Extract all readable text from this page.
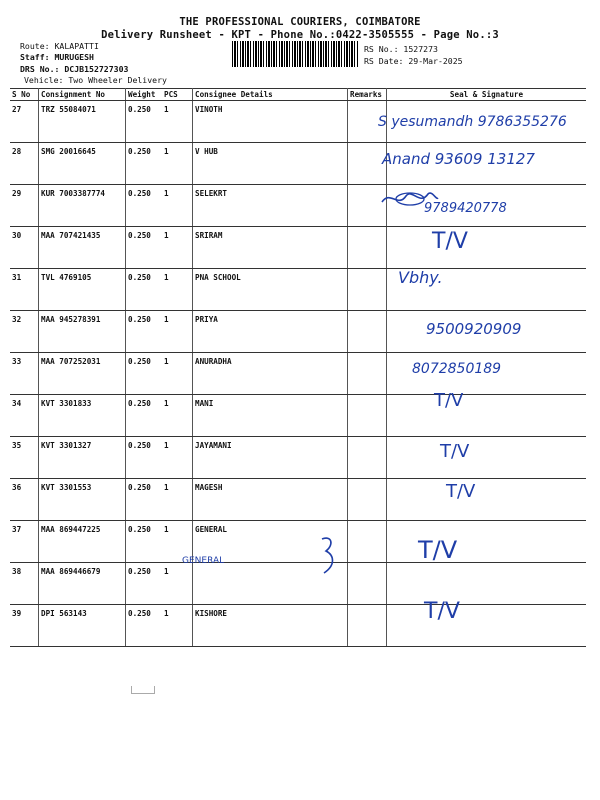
THE PROFESSIONAL COURIERS, COIMBATORE
Delivery Runsheet - KPT - Phone No.:0422-3505555 - Page No.:3
Route: KALAPATTI
Staff: MURUGESH
DRS No.: DCJB152727303
Vehicle: Two Wheeler Delivery
RS No.: 1527273
RS Date: 29-Mar-2025
S No	Consignment No	Weight	PCS	Consignee Details	Remarks	Seal & Signature
27	TRZ 55084071	0.250	1	VINOTH		
28	SMG 20016645	0.250	1	V HUB		
29	KUR 7003387774	0.250	1	SELEKRT		
30	MAA 707421435	0.250	1	SRIRAM		
31	TVL 4769105	0.250	1	PNA SCHOOL		
32	MAA 945278391	0.250	1	PRIYA		
33	MAA 707252031	0.250	1	ANURADHA		
34	KVT 3301833	0.250	1	MANI		
35	KVT 3301327	0.250	1	JAYAMANI		
36	KVT 3301553	0.250	1	MAGESH		
37	MAA 869447225	0.250	1	GENERAL		
38	MAA 869446679	0.250	1			
39	DPI 563143	0.250	1	KISHORE		
S yesumandh 9786355276
Anand 93609 13127
9789420778
T/V
Vbhy.
9500920909
8072850189
T/V
T/V
T/V
GENERAL	T/V
T/V
